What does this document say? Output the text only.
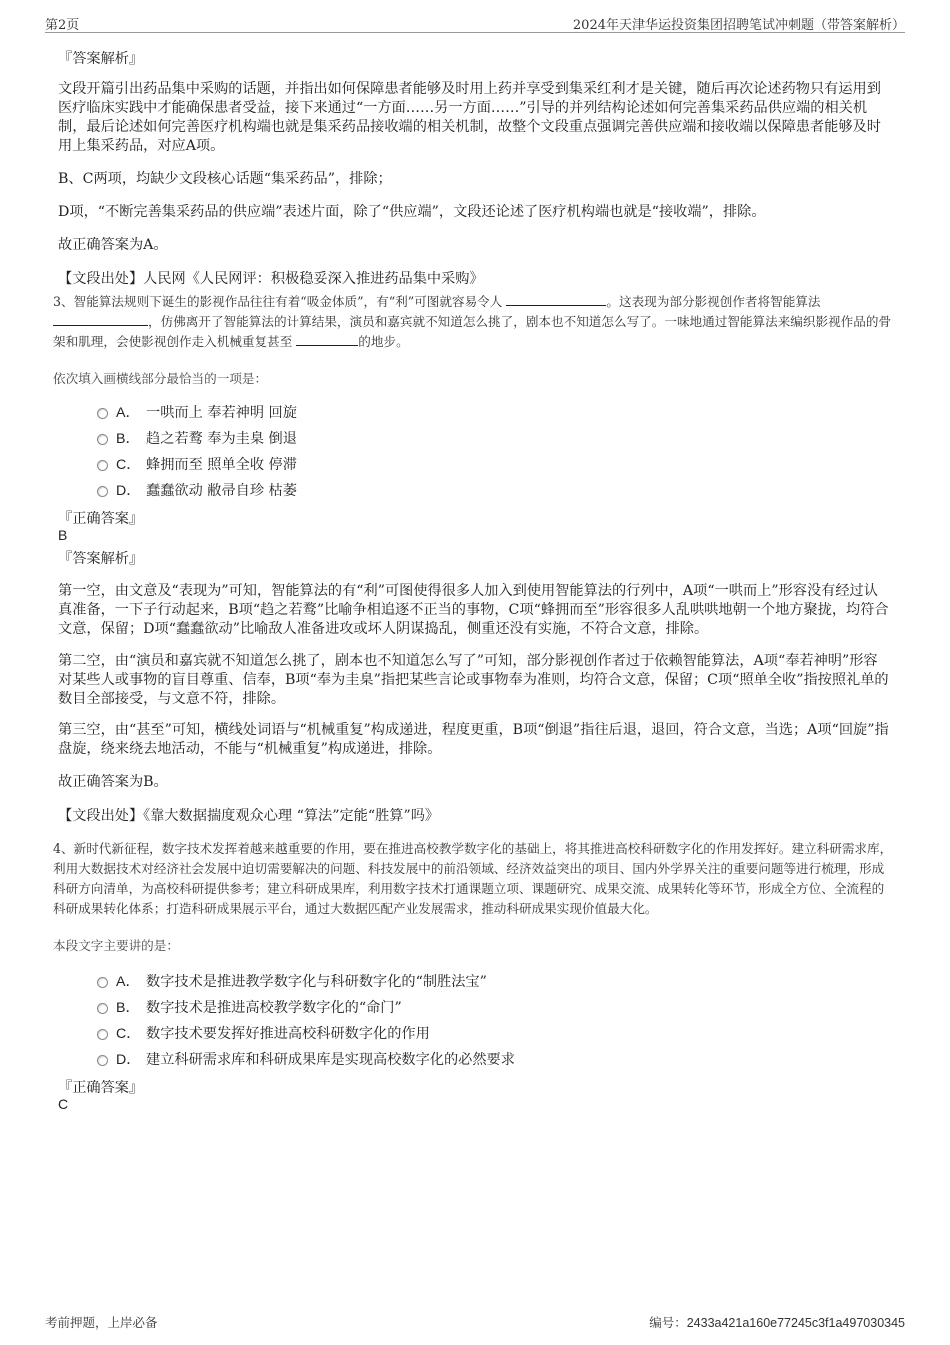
第2页	2024年天津华运投资集团招聘笔试冲刺题（带答案解析）
『答案解析』

文段开篇引出药品集中采购的话题，并指出如何保障患者能够及时用上药并享受到集采红利才是关键，随后再次论述药物只有运用到医疗临床实践中才能确保患者受益，接下来通过“一方面……另一方面……”引导的并列结构论述如何完善集采药品供应端的相关机制，最后论述如何完善医疗机构端也就是集采药品接收端的相关机制，故整个文段重点强调完善供应端和接收端以保障患者能够及时用上集采药品，对应A项。

B、C两项，均缺少文段核心话题“集采药品”，排除；

D项，“不断完善集采药品的供应端”表述片面，除了“供应端”，文段还论述了医疗机构端也就是“接收端”，排除。

故正确答案为A。

【文段出处】人民网《人民网评：积极稳妥深入推进药品集中采购》

3、智能算法规则下诞生的影视作品往往有着“吸金体质”，有“利”可图就容易令人	。这表现为部分影视创作者将智能算法
，仿佛离开了智能算法的计算结果，演员和嘉宾就不知道怎么挑了，剧本也不知道怎么写了。一味地通过智能算法来编织影视作品的骨架和肌理，会使影视创作走入机械重复甚至	的地步。

依次填入画横线部分最恰当的一项是：
A． 一哄而上 奉若神明 回旋
B． 趋之若鹜 奉为圭臬 倒退
C． 蜂拥而至 照单全收 停滞
D． 蠢蠢欲动 敝帚自珍 枯萎
『正确答案』
B
『答案解析』

第一空，由文意及“表现为”可知，智能算法的有“利”可图使得很多人加入到使用智能算法的行列中，A项“一哄而上”形容没有经过认真准备，一下子行动起来，B项“趋之若鹜”比喻争相追逐不正当的事物，C项“蜂拥而至”形容很多人乱哄哄地朝一个地方聚拢，均符合文意，保留；D项“蠢蠢欲动”比喻敌人准备进攻或坏人阴谋捣乱，侧重还没有实施，不符合文意，排除。

第二空，由“演员和嘉宾就不知道怎么挑了，剧本也不知道怎么写了”可知，部分影视创作者过于依赖智能算法，A项“奉若神明”形容对某些人或事物的盲目尊重、信奉，B项“奉为圭臬”指把某些言论或事物奉为准则，均符合文意，保留；C项“照单全收”指按照礼单的数目全部接受，与文意不符，排除。

第三空，由“甚至”可知，横线处词语与“机械重复”构成递进，程度更重，B项“倒退”指往后退，退回，符合文意，当选；A项“回旋”指盘旋，绕来绕去地活动，不能与“机械重复”构成递进，排除。

故正确答案为B。

【文段出处】《靠大数据揣度观众心理 “算法”定能“胜算”吗》

4、新时代新征程，数字技术发挥着越来越重要的作用，要在推进高校教学数字化的基础上，将其推进高校科研数字化的作用发挥好。建立科研需求库，利用大数据技术对经济社会发展中迫切需要解决的问题、科技发展中的前沿领域、经济效益突出的项目、国内外学界关注的重要问题等进行梳理，形成科研方向清单，为高校科研提供参考；建立科研成果库，利用数字技术打通课题立项、课题研究、成果交流、成果转化等环节，形成全方位、全流程的科研成果转化体系；打造科研成果展示平台，通过大数据匹配产业发展需求，推动科研成果实现价值最大化。

本段文字主要讲的是：
A． 数字技术是推进教学数字化与科研数字化的“制胜法宝”
B． 数字技术是推进高校教学数字化的“命门”
C． 数字技术要发挥好推进高校科研数字化的作用
D． 建立科研需求库和科研成果库是实现高校数字化的必然要求
『正确答案』
C
考前押题，上岸必备	编号：2433a421a160e77245c3f1a497030345
